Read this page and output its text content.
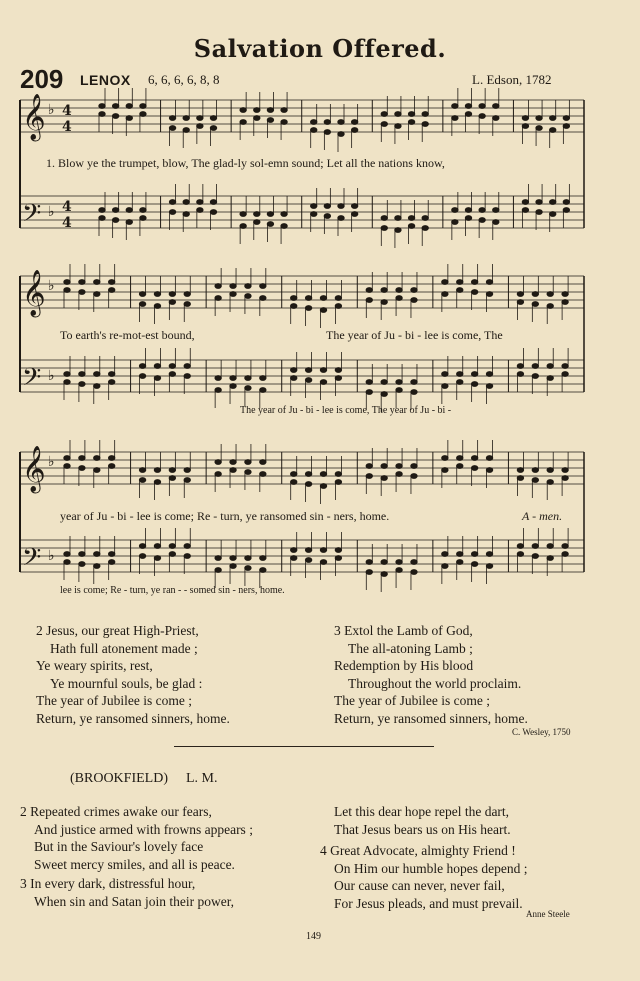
Salvation Offered.
209 LENOX 6, 6, 6, 6, 8, 8	L. Edson, 1782
𝄞 ♭
𝄢 ♭
4
4
4
4
𝄞 ♭
𝄢 ♭
𝄞 ♭
𝄢 ♭
1. Blow ye the trumpet, blow, The glad-ly sol-emn sound; Let all the nations know,
To earth's re-mot-est bound,	The year of Ju - bi - lee is come, The
The year of Ju - bi - lee is come, The year of Ju - bi -
year of Ju - bi - lee is come; Re - turn, ye ransomed sin - ners, home.	A - men.
lee is come; Re - turn, ye ran - - somed sin - ners, home.
2 Jesus, our great High-Priest,
Hath full atonement made ;
Ye weary spirits, rest,
Ye mournful souls, be glad :
The year of Jubilee is come ;
Return, ye ransomed sinners, home.
3 Extol the Lamb of God,
The all-atoning Lamb ;
Redemption by His blood
Throughout the world proclaim.
The year of Jubilee is come ;
Return, ye ransomed sinners, home.
C. Wesley, 1750
(BROOKFIELD) L. M.
2 Repeated crimes awake our fears,
And justice armed with frowns appears ;
But in the Saviour's lovely face
Sweet mercy smiles, and all is peace.
3 In every dark, distressful hour,
When sin and Satan join their power,
Let this dear hope repel the dart,
That Jesus bears us on His heart.
4 Great Advocate, almighty Friend !
On Him our humble hopes depend ;
Our cause can never, never fail,
For Jesus pleads, and must prevail.
Anne Steele
149
